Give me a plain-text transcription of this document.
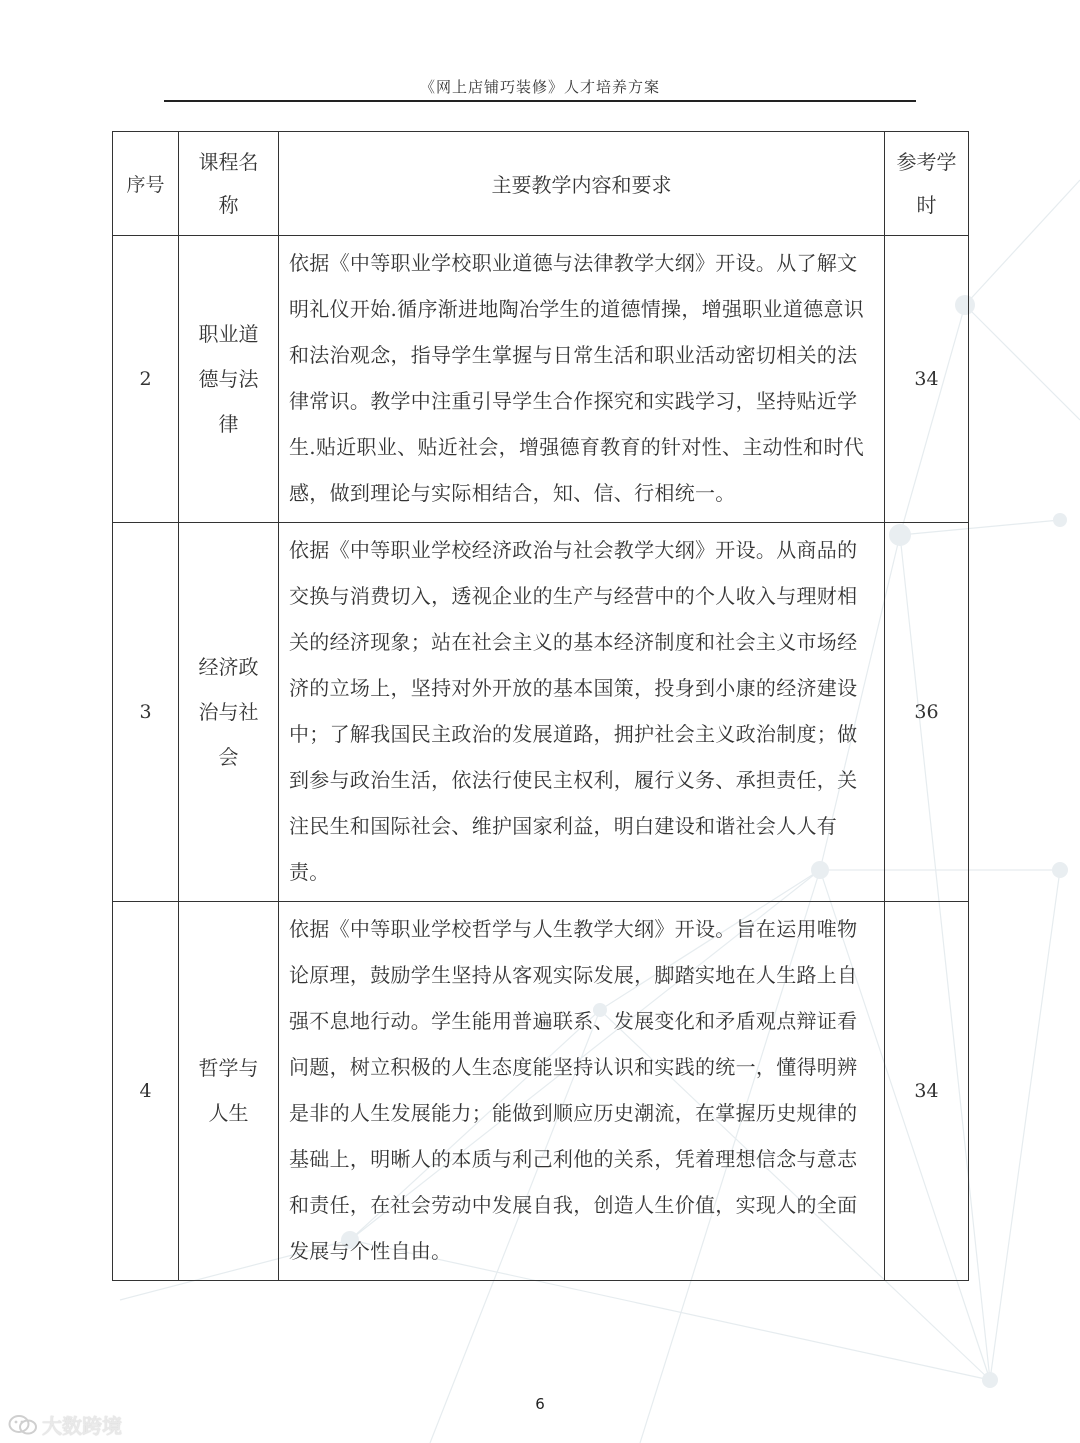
《网上店铺巧装修》人才培养方案
序号	课程名称	主要教学内容和要求	参考学时
2	职业道德与法律	依据《中等职业学校职业道德与法律教学大纲》开设。从了解文明礼仪开始.循序渐进地陶冶学生的道德情操，增强职业道德意识和法治观念，指导学生掌握与日常生活和职业活动密切相关的法律常识。教学中注重引导学生合作探究和实践学习，坚持贴近学生.贴近职业、贴近社会，增强德育教育的针对性、主动性和时代感，做到理论与实际相结合，知、信、行相统一。	34
3	经济政治与社会	依据《中等职业学校经济政治与社会教学大纲》开设。从商品的交换与消费切入，透视企业的生产与经营中的个人收入与理财相关的经济现象；站在社会主义的基本经济制度和社会主义市场经济的立场上，坚持对外开放的基本国策，投身到小康的经济建设中；了解我国民主政治的发展道路，拥护社会主义政治制度；做到参与政治生活，依法行使民主权利，履行义务、承担责任，关注民生和国际社会、维护国家利益，明白建设和谐社会人人有责。	36
4	哲学与人生	依据《中等职业学校哲学与人生教学大纲》开设。旨在运用唯物论原理，鼓励学生坚持从客观实际发展，脚踏实地在人生路上自强不息地行动。学生能用普遍联系、发展变化和矛盾观点辩证看问题，树立积极的人生态度能坚持认识和实践的统一，懂得明辨是非的人生发展能力；能做到顺应历史潮流，在掌握历史规律的基础上，明晰人的本质与利己利他的关系，凭着理想信念与意志和责任，在社会劳动中发展自我，创造人生价值，实现人的全面发展与个性自由。	34
6
大数跨境
